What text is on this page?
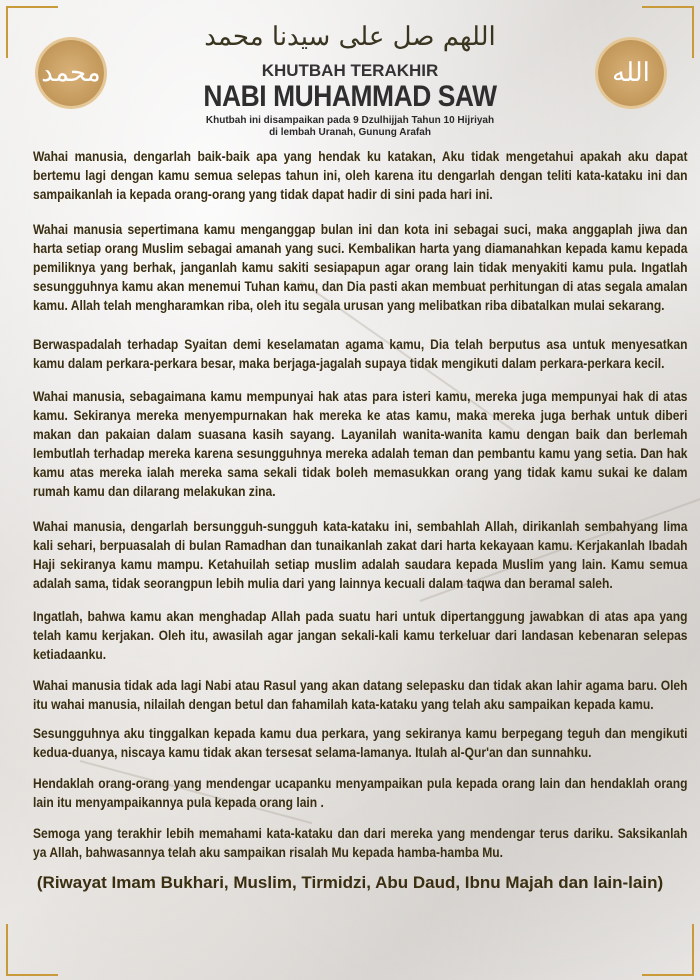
محمد	الله
اللهم صل على سيدنا محمد
KHUTBAH TERAKHIR
NABI MUHAMMAD SAW
Khutbah ini disampaikan pada 9 Dzulhijjah Tahun 10 Hijriyah
di lembah Uranah, Gunung Arafah

Wahai manusia, dengarlah baik-baik apa yang hendak ku katakan, Aku tidak mengetahui apakah aku dapat bertemu lagi dengan kamu semua selepas tahun ini, oleh karena itu dengarlah dengan teliti kata-kataku ini dan sampaikanlah ia kepada orang-orang yang tidak dapat hadir di sini pada hari ini.

Wahai manusia sepertimana kamu menganggap bulan ini dan kota ini sebagai suci, maka anggaplah jiwa dan harta setiap orang Muslim sebagai amanah yang suci. Kembalikan harta yang diamanahkan kepada kamu kepada pemiliknya yang berhak, janganlah kamu sakiti sesiapapun agar orang lain tidak menyakiti kamu pula. Ingatlah sesungguhnya kamu akan menemui Tuhan kamu, dan Dia pasti akan membuat perhitungan di atas segala amalan kamu. Allah telah mengharamkan riba, oleh itu segala urusan yang melibatkan riba dibatalkan mulai sekarang.

Berwaspadalah terhadap Syaitan demi keselamatan agama kamu, Dia telah berputus asa untuk menyesatkan kamu dalam perkara-perkara besar, maka berjaga-jagalah supaya tidak mengikuti dalam perkara-perkara kecil.

Wahai manusia, sebagaimana kamu mempunyai hak atas para isteri kamu, mereka juga mempunyai hak di atas kamu. Sekiranya mereka menyempurnakan hak mereka ke atas kamu, maka mereka juga berhak untuk diberi makan dan pakaian dalam suasana kasih sayang. Layanilah wanita-wanita kamu dengan baik dan berlemah lembutlah terhadap mereka karena sesungguhnya mereka adalah teman dan pembantu kamu yang setia. Dan hak kamu atas mereka ialah mereka sama sekali tidak boleh memasukkan orang yang tidak kamu sukai ke dalam rumah kamu dan dilarang melakukan zina.

Wahai manusia, dengarlah bersungguh-sungguh kata-kataku ini, sembahlah Allah, dirikanlah sembahyang lima kali sehari, berpuasalah di bulan Ramadhan dan tunaikanlah zakat dari harta kekayaan kamu. Kerjakanlah Ibadah Haji sekiranya kamu mampu. Ketahuilah setiap muslim adalah saudara kepada Muslim yang lain. Kamu semua adalah sama, tidak seorangpun lebih mulia dari yang lainnya kecuali dalam taqwa dan beramal saleh.

Ingatlah, bahwa kamu akan menghadap Allah pada suatu hari untuk dipertanggung jawabkan di atas apa yang telah kamu kerjakan. Oleh itu, awasilah agar jangan sekali-kali kamu terkeluar dari landasan kebenaran selepas ketiadaanku.

Wahai manusia tidak ada lagi Nabi atau Rasul yang akan datang selepasku dan tidak akan lahir agama baru. Oleh itu wahai manusia, nilailah dengan betul dan fahamilah kata-kataku yang telah aku sampaikan kepada kamu.

Sesungguhnya aku tinggalkan kepada kamu dua perkara, yang sekiranya kamu berpegang teguh dan mengikuti kedua-duanya, niscaya kamu tidak akan tersesat selama-lamanya. Itulah al-Qur'an dan sunnahku.

Hendaklah orang-orang yang mendengar ucapanku menyampaikan pula kepada orang lain dan hendaklah orang lain itu menyampaikannya pula kepada orang lain .

Semoga yang terakhir lebih memahami kata-kataku dan dari mereka yang mendengar terus dariku. Saksikanlah ya Allah, bahwasannya telah aku sampaikan risalah Mu kepada hamba-hamba Mu.

(Riwayat Imam Bukhari, Muslim, Tirmidzi, Abu Daud, Ibnu Majah dan lain-lain)
